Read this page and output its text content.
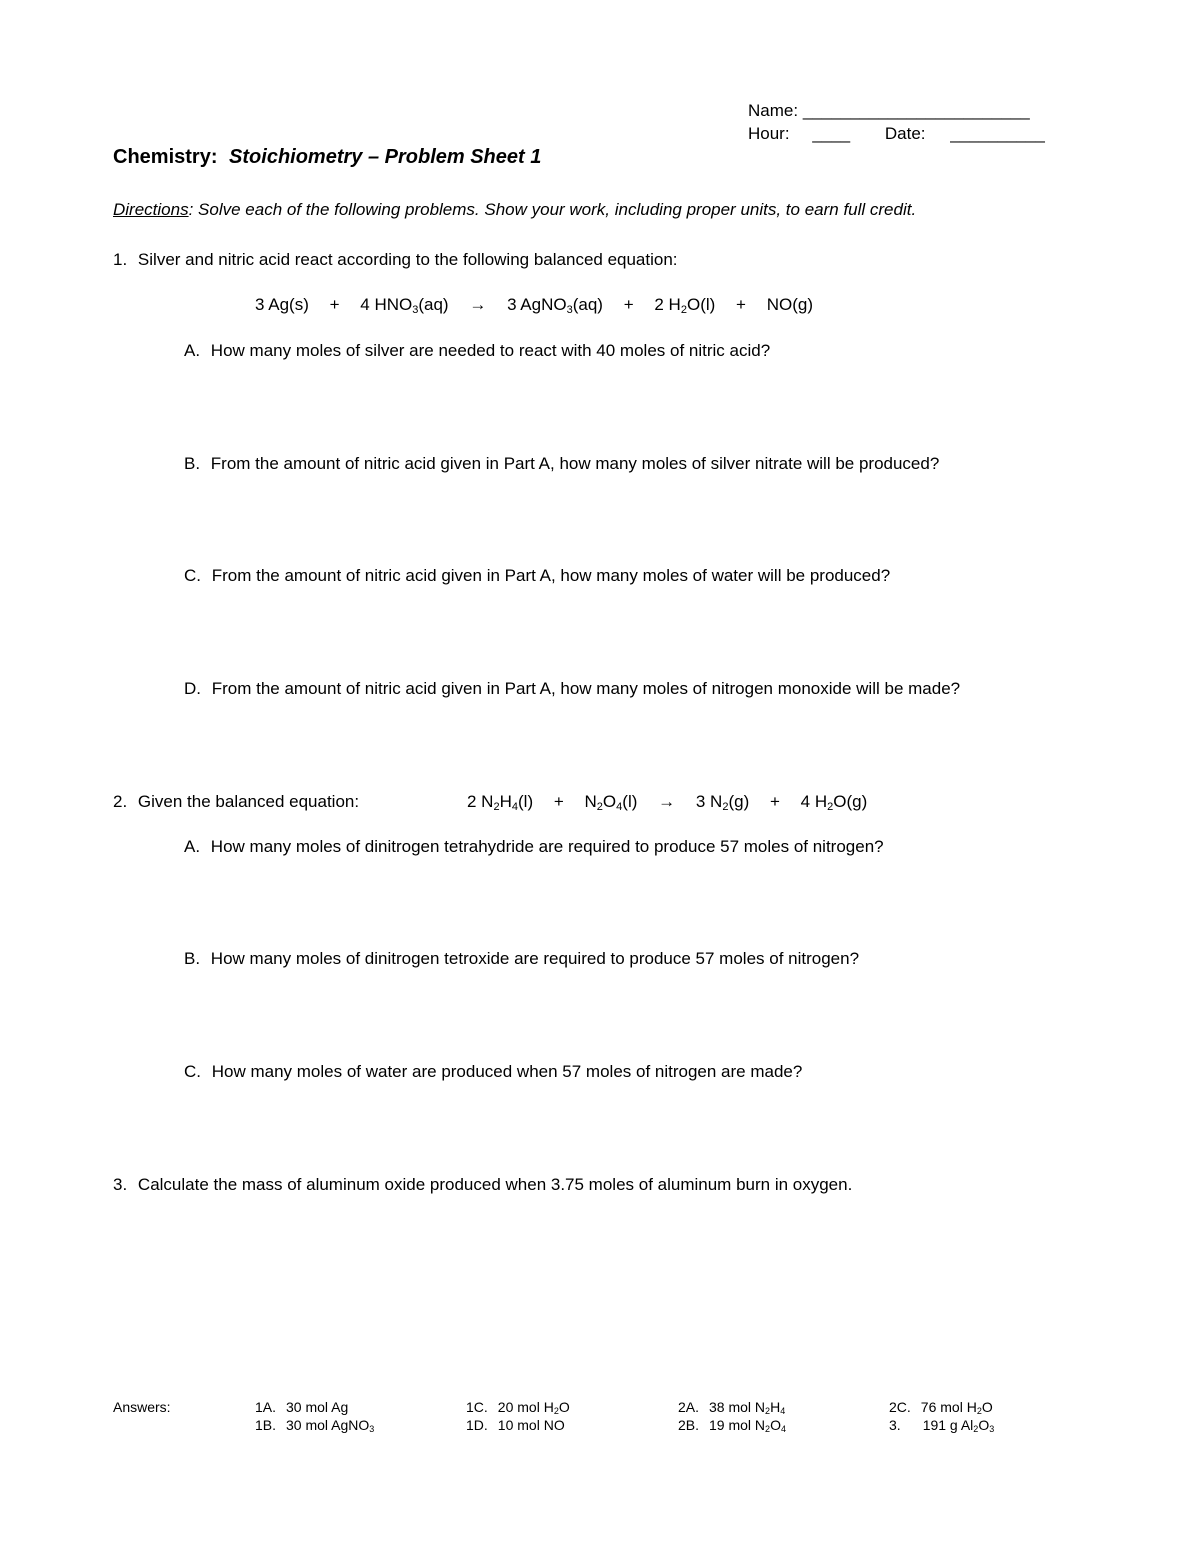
Name: ________________________
Hour: ____ Date: __________
Chemistry: Stoichiometry – Problem Sheet 1
Directions: Solve each of the following problems. Show your work, including proper units, to earn full credit.
1. Silver and nitric acid react according to the following balanced equation:
3 Ag(s) + 4 $HNO_3(aq) \to 3$ AgNO$_3$(aq) + 2 $H_2O(l) + NO(g)$
A. How many moles of silver are needed to react with 40 moles of nitric acid?
B. From the amount of nitric acid given in Part A, how many moles of silver nitrate will be produced?
C. From the amount of nitric acid given in Part A, how many moles of water will be produced?
D. From the amount of nitric acid given in Part A, how many moles of nitrogen monoxide will be made?
2. Given the balanced equation:	2 $N_2H_4(l) + N_2O_4(l) \to 3$ $N_2(g) + 4$ $H_2O(g)$
A. How many moles of dinitrogen tetrahydride are required to produce 57 moles of nitrogen?
B. How many moles of dinitrogen tetroxide are required to produce 57 moles of nitrogen?
C. How many moles of water are produced when 57 moles of nitrogen are made?
3. Calculate the mass of aluminum oxide produced when 3.75 moles of aluminum burn in oxygen.
Answers:	1A. 30 mol Ag
1B. 30 mol AgNO$_3$
1C. 20 mol $H_2O$
1D. 10 mol NO
2A. 38 mol $N_2H_4$
2B. 19 mol $N_2O_4$
2C. 76 mol $H_2O$
3. 191 g $Al_2O_3$
